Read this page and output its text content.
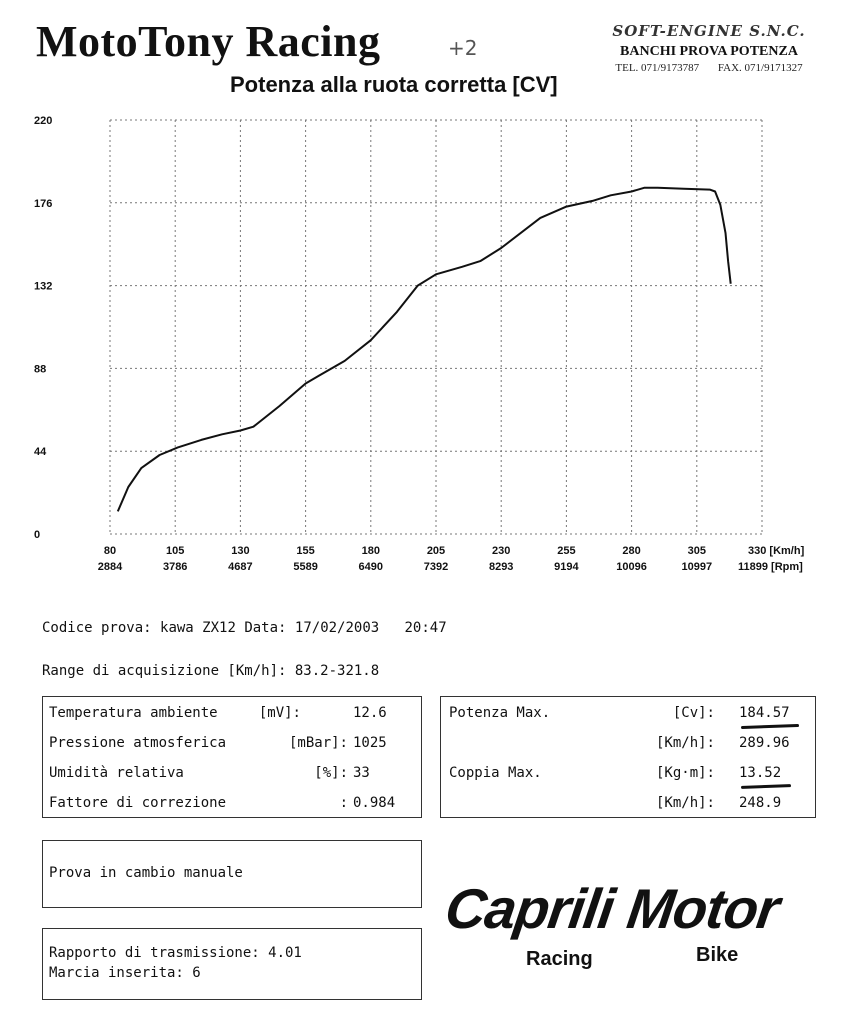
MotoTony Racing	+2
Potenza alla ruota corretta [CV]
SOFT-ENGINE S.N.C.
BANCHI PROVA POTENZA
TEL. 071/9173787 FAX. 071/9171327
220
176
132
88
44
0
80
2884
105
3786
130
4687
155
5589
180
6490
205
7392
230
8293
255
9194
280
10096
305
10997
330 [Km/h]
11899 [Rpm]
Codice prova: kawa ZX12 Data: 17/02/2003 20:47
Range di acquisizione [Km/h]: 83.2-321.8
Temperatura ambiente	[mV]:	12.6
Pressione atmosferica	[mBar]: 1025
Umidità relativa	[%]: 33
Fattore di correzione	: 0.984
Potenza Max.	[Cv]: 184.57
[Km/h]: 289.96
Coppia Max.	[Kg·m]: 13.52
[Km/h]: 248.9
Prova in cambio manuale
Rapporto di trasmissione: 4.01
Marcia inserita: 6
Caprili Motor
Racing	Bike
